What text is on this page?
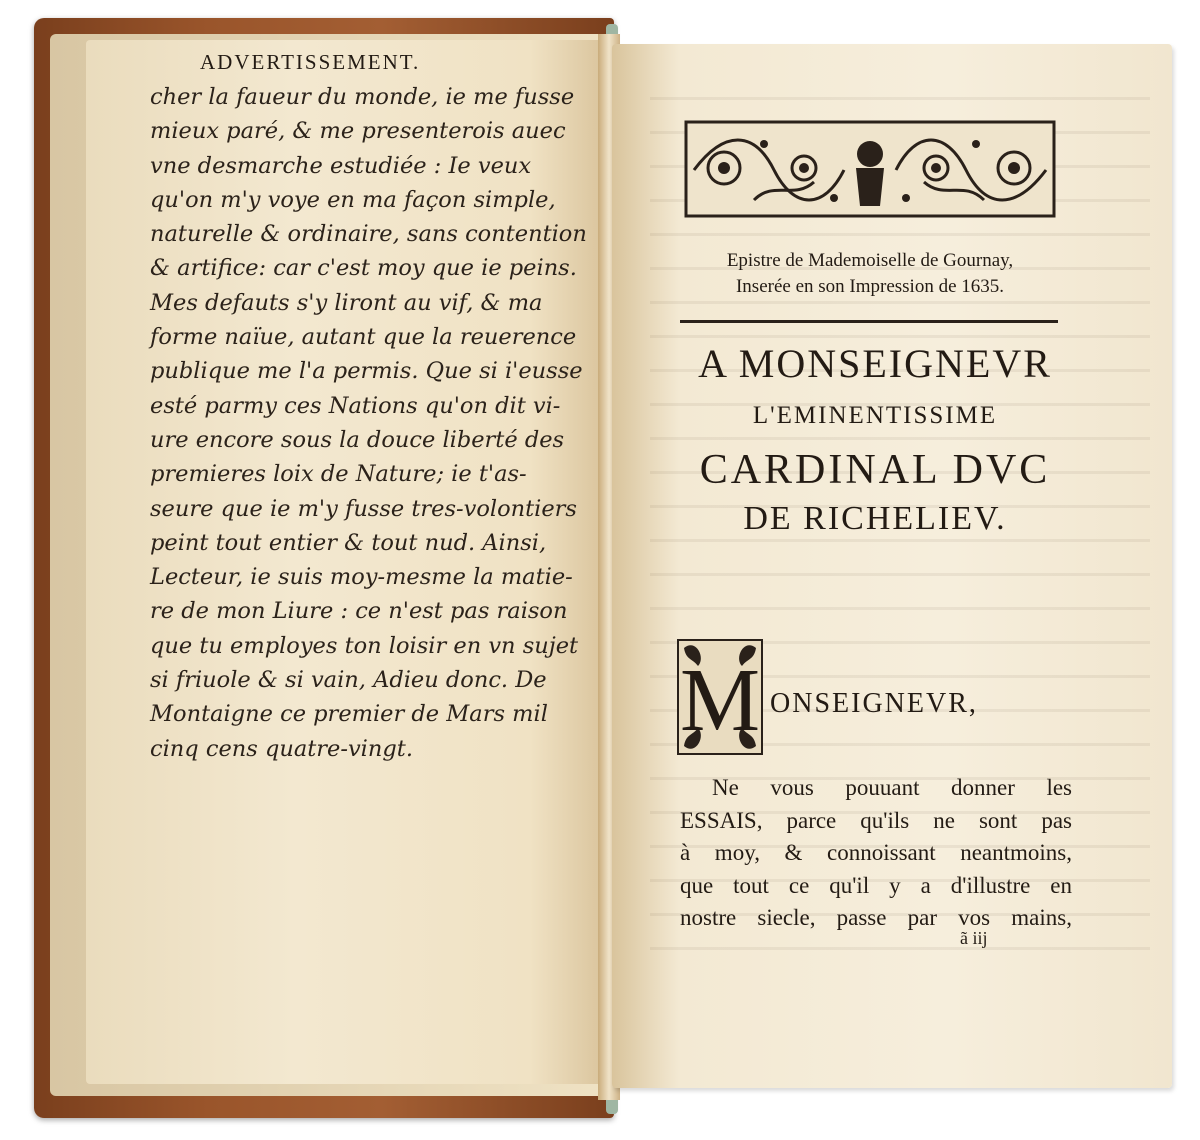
ADVERTISSEMENT.
cher la faueur du monde, ie me fusse
mieux paré, & me presenterois auec
vne desmarche estudiée : Ie veux
qu'on m'y voye en ma façon simple,
naturelle & ordinaire, sans contention
& artifice: car c'est moy que ie peins.
Mes defauts s'y liront au vif, & ma
forme naïue, autant que la reuerence
publique me l'a permis. Que si i'eusse
esté parmy ces Nations qu'on dit vi-
ure encore sous la douce liberté des
premieres loix de Nature; ie t'as-
seure que ie m'y fusse tres-volontiers
peint tout entier & tout nud. Ainsi,
Lecteur, ie suis moy-mesme la matie-
re de mon Liure : ce n'est pas raison
que tu employes ton loisir en vn sujet
si friuole & si vain, Adieu donc. De
Montaigne ce premier de Mars mil
cinq cens quatre-vingt.
Epistre de Mademoiselle de Gournay,
Inserée en son Impression de 1635.
A MONSEIGNEVR
L'EMINENTISSIME
CARDINAL DVC
DE RICHELIEV.
M ONSEIGNEVR,
Ne vous pouuant donner les
ESSAIS, parce qu'ils ne sont pas
à moy, & connoissant neantmoins,
que tout ce qu'il y a d'illustre en
nostre siecle, passe par vos mains,
ã iij
